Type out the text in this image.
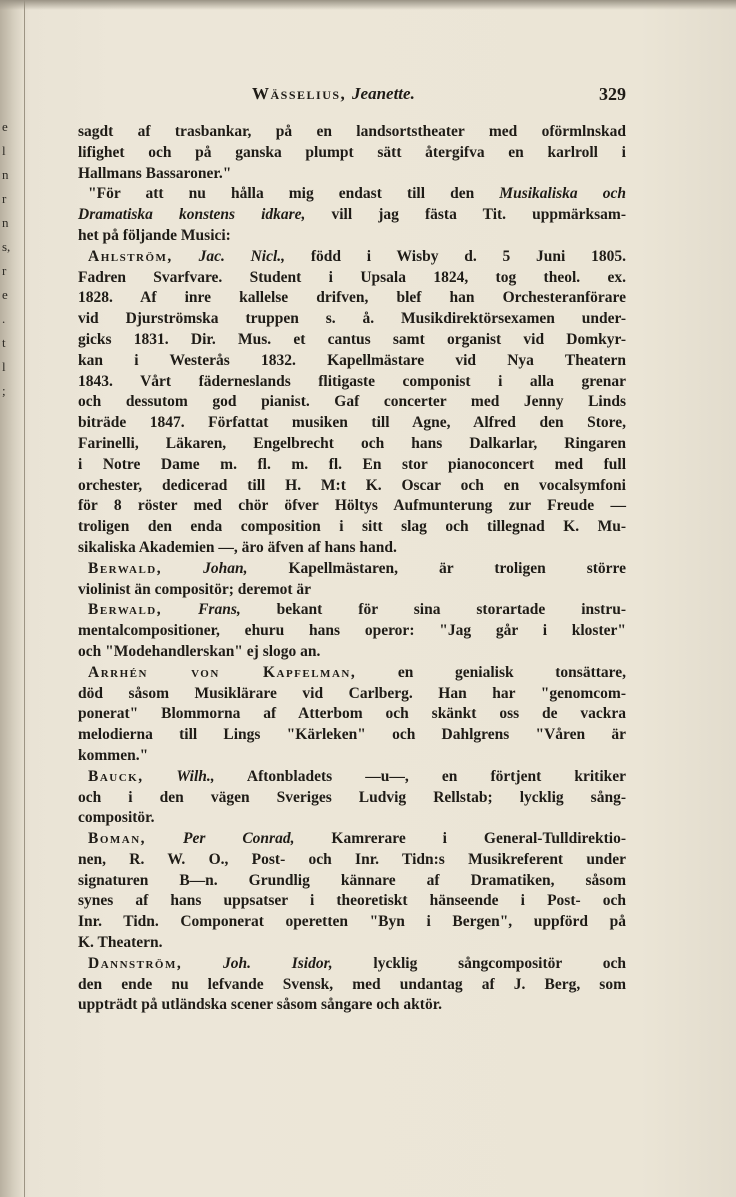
e
l
n
r
n
s,
r
e
.
t
l
;
Wässelius, Jeanette.	329
sagdt af trasbankar, på en landsortstheater med oförmlnskad
lifighet och på ganska plumpt sätt återgifva en karlroll i
Hallmans Bassaroner."
"För att nu hålla mig endast till den Musikaliska och
Dramatiska konstens idkare, vill jag fästa Tit. uppmärksam-
het på följande Musici:
Ahlström, Jac. Nicl., född i Wisby d. 5 Juni 1805.
Fadren Svarfvare. Student i Upsala 1824, tog theol. ex.
1828. Af inre kallelse drifven, blef han Orchesteranförare
vid Djurströmska truppen s. å. Musikdirektörsexamen under-
gicks 1831. Dir. Mus. et cantus samt organist vid Domkyr-
kan i Westerås 1832. Kapellmästare vid Nya Theatern
1843. Vårt fäderneslands flitigaste componist i alla grenar
och dessutom god pianist. Gaf concerter med Jenny Linds
biträde 1847. Författat musiken till Agne, Alfred den Store,
Farinelli, Läkaren, Engelbrecht och hans Dalkarlar, Ringaren
i Notre Dame m. fl. m. fl. En stor pianoconcert med full
orchester, dedicerad till H. M:t K. Oscar och en vocalsymfoni
för 8 röster med chör öfver Höltys Aufmunterung zur Freude —
troligen den enda composition i sitt slag och tillegnad K. Mu-
sikaliska Akademien —, äro äfven af hans hand.
Berwald, Johan, Kapellmästaren, är troligen större
violinist än compositör; deremot är
Berwald, Frans, bekant för sina storartade instru-
mentalcompositioner, ehuru hans operor: "Jag går i kloster"
och "Modehandlerskan" ej slogo an.
Arrhén von Kapfelman, en genialisk tonsättare,
död såsom Musiklärare vid Carlberg. Han har "genomcom-
ponerat" Blommorna af Atterbom och skänkt oss de vackra
melodierna till Lings "Kärleken" och Dahlgrens "Våren är
kommen."
Bauck, Wilh., Aftonbladets —u—, en förtjent kritiker
och i den vägen Sveriges Ludvig Rellstab; lycklig sång-
compositör.
Boman, Per Conrad, Kamrerare i General-Tulldirektio-
nen, R. W. O., Post- och Inr. Tidn:s Musikreferent under
signaturen B—n. Grundlig kännare af Dramatiken, såsom
synes af hans uppsatser i theoretiskt hänseende i Post- och
Inr. Tidn. Componerat operetten "Byn i Bergen", uppförd på
K. Theatern.
Dannström, Joh. Isidor, lycklig sångcompositör och
den ende nu lefvande Svensk, med undantag af J. Berg, som
uppträdt på utländska scener såsom sångare och aktör.
